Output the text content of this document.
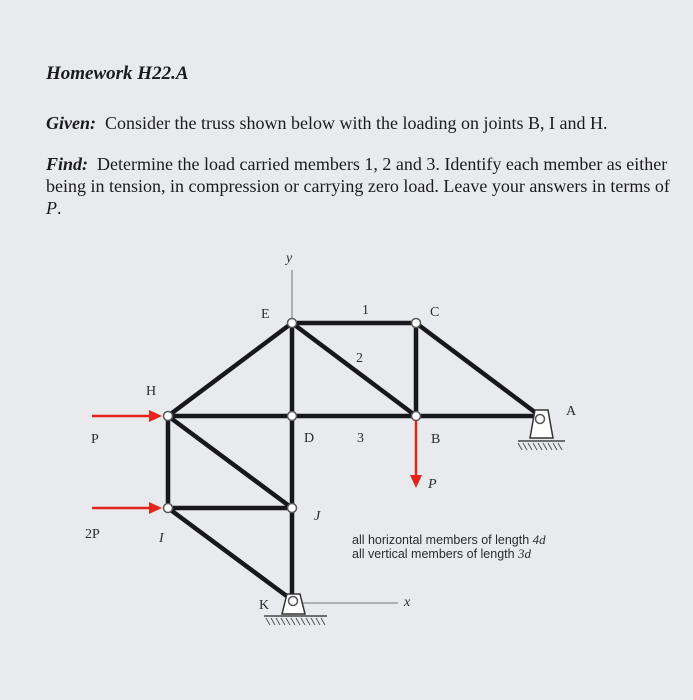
Homework H22.A

Given: Consider the truss shown below with the loading on joints B, I and H.

Find: Determine the load carried members 1, 2 and 3. Identify each member as either being in tension, in compression or carrying zero load. Leave your answers in terms of P.

y
x
E	C
H
A
D	B
J
I
K
1
2
3
P
2P
P
all horizontal members of length 4d
all vertical members of length 3d
